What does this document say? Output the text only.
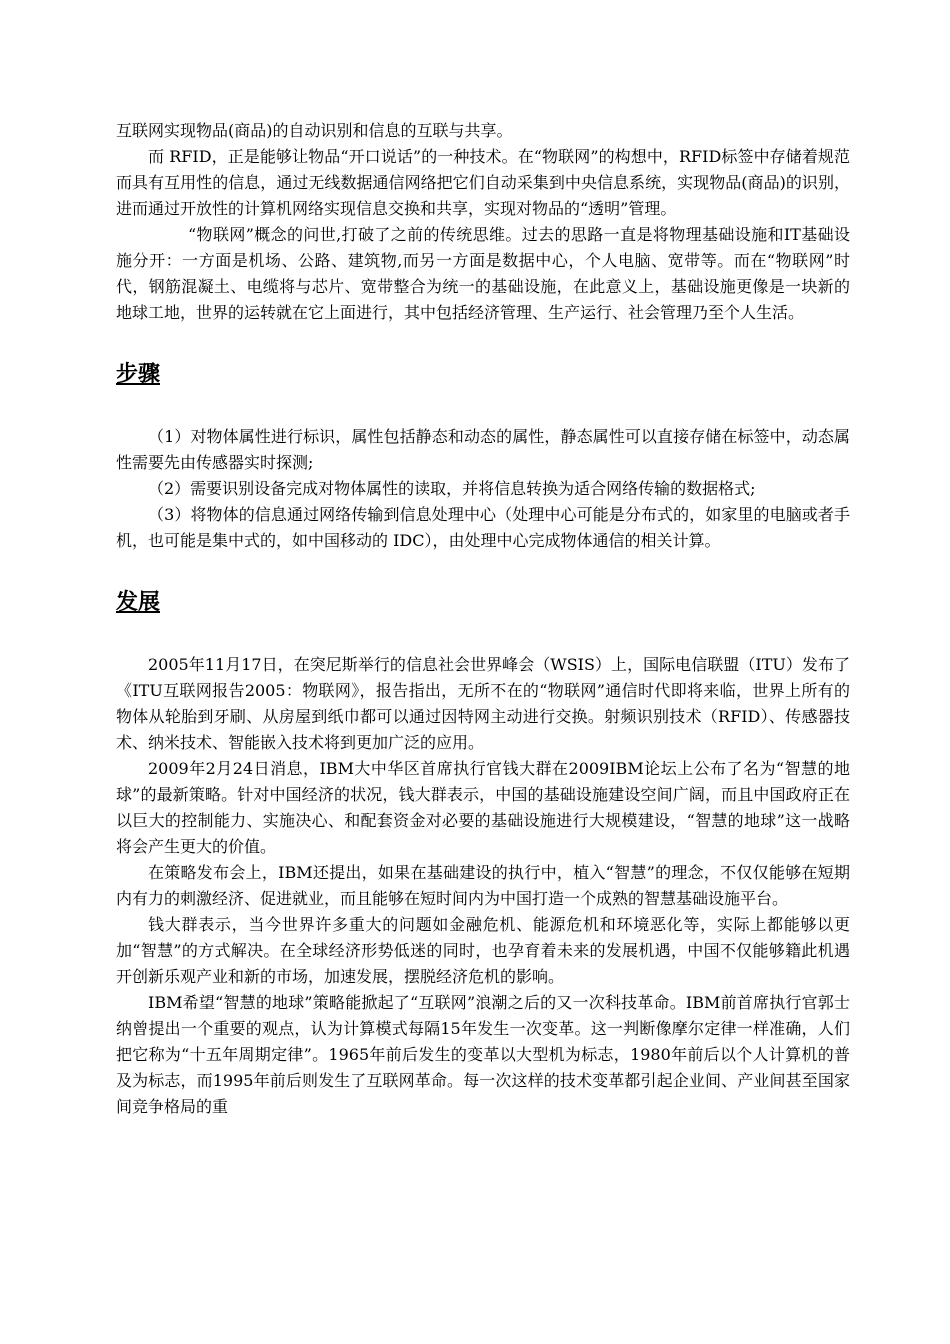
互联网实现物品(商品)的自动识别和信息的互联与共享。

而 RFID，正是能够让物品“开口说话”的一种技术。在“物联网”的构想中，RFID标签中存储着规范而具有互用性的信息，通过无线数据通信网络把它们自动采集到中央信息系统，实现物品(商品)的识别，进而通过开放性的计算机网络实现信息交换和共享，实现对物品的“透明”管理。

“物联网”概念的问世,打破了之前的传统思维。过去的思路一直是将物理基础设施和IT基础设施分开：一方面是机场、公路、建筑物,而另一方面是数据中心，个人电脑、宽带等。而在“物联网”时代，钢筋混凝土、电缆将与芯片、宽带整合为统一的基础设施，在此意义上，基础设施更像是一块新的地球工地，世界的运转就在它上面进行，其中包括经济管理、生产运行、社会管理乃至个人生活。

步骤

（1）对物体属性进行标识，属性包括静态和动态的属性，静态属性可以直接存储在标签中，动态属性需要先由传感器实时探测;

（2）需要识别设备完成对物体属性的读取，并将信息转换为适合网络传输的数据格式;

（3）将物体的信息通过网络传输到信息处理中心（处理中心可能是分布式的，如家里的电脑或者手机，也可能是集中式的，如中国移动的 IDC），由处理中心完成物体通信的相关计算。

发展

2005年11月17日，在突尼斯举行的信息社会世界峰会（WSIS）上，国际电信联盟（ITU）发布了《ITU互联网报告2005：物联网》，报告指出，无所不在的“物联网”通信时代即将来临，世界上所有的物体从轮胎到牙刷、从房屋到纸巾都可以通过因特网主动进行交换。射频识别技术（RFID）、传感器技术、纳米技术、智能嵌入技术将到更加广泛的应用。

2009年2月24日消息，IBM大中华区首席执行官钱大群在2009IBM论坛上公布了名为“智慧的地球”的最新策略。针对中国经济的状况，钱大群表示，中国的基础设施建设空间广阔，而且中国政府正在以巨大的控制能力、实施决心、和配套资金对必要的基础设施进行大规模建设，“智慧的地球”这一战略将会产生更大的价值。

在策略发布会上，IBM还提出，如果在基础建设的执行中，植入“智慧”的理念，不仅仅能够在短期内有力的刺激经济、促进就业，而且能够在短时间内为中国打造一个成熟的智慧基础设施平台。

钱大群表示，当今世界许多重大的问题如金融危机、能源危机和环境恶化等，实际上都能够以更加“智慧”的方式解决。在全球经济形势低迷的同时，也孕育着未来的发展机遇，中国不仅能够籍此机遇开创新乐观产业和新的市场，加速发展，摆脱经济危机的影响。

IBM希望“智慧的地球”策略能掀起了“互联网”浪潮之后的又一次科技革命。IBM前首席执行官郭士纳曾提出一个重要的观点，认为计算模式每隔15年发生一次变革。这一判断像摩尔定律一样准确，人们把它称为“十五年周期定律”。1965年前后发生的变革以大型机为标志，1980年前后以个人计算机的普及为标志，而1995年前后则发生了互联网革命。每一次这样的技术变革都引起企业间、产业间甚至国家间竞争格局的重
